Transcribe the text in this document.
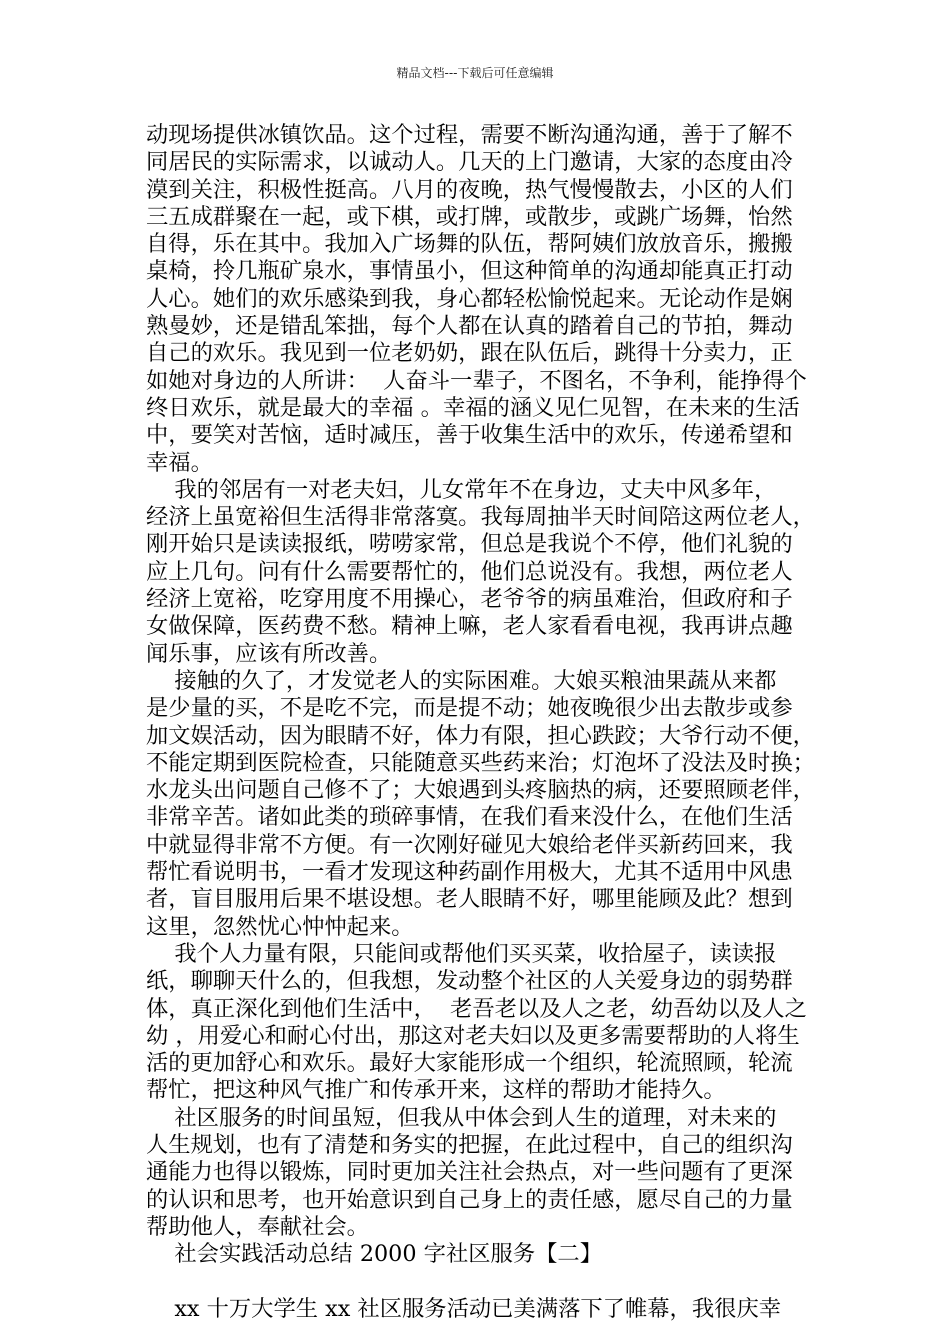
精品文档---下载后可任意编辑
动现场提供冰镇饮品。这个过程，需要不断沟通沟通，善于了解不
同居民的实际需求，以诚动人。几天的上门邀请，大家的态度由冷
漠到关注，积极性挺高。八月的夜晚，热气慢慢散去，小区的人们
三五成群聚在一起，或下棋，或打牌，或散步，或跳广场舞，怡然
自得，乐在其中。我加入广场舞的队伍，帮阿姨们放放音乐，搬搬
桌椅，拎几瓶矿泉水，事情虽小，但这种简单的沟通却能真正打动
人心。她们的欢乐感染到我，身心都轻松愉悦起来。无论动作是娴
熟曼妙，还是错乱笨拙，每个人都在认真的踏着自己的节拍，舞动
自己的欢乐。我见到一位老奶奶，跟在队伍后，跳得十分卖力，正
如她对身边的人所讲：  人奋斗一辈子，不图名，不争利，能挣得个
终日欢乐，就是最大的幸福 。幸福的涵义见仁见智，在未来的生活
中，要笑对苦恼，适时减压，善于收集生活中的欢乐，传递希望和
幸福。
我的邻居有一对老夫妇，儿女常年不在身边，丈夫中风多年，
经济上虽宽裕但生活得非常落寞。我每周抽半天时间陪这两位老人，
刚开始只是读读报纸，唠唠家常，但总是我说个不停，他们礼貌的
应上几句。问有什么需要帮忙的，他们总说没有。我想，两位老人
经济上宽裕，吃穿用度不用操心，老爷爷的病虽难治，但政府和子
女做保障，医药费不愁。精神上嘛，老人家看看电视，我再讲点趣
闻乐事，应该有所改善。
接触的久了，才发觉老人的实际困难。大娘买粮油果蔬从来都
是少量的买，不是吃不完，而是提不动；她夜晚很少出去散步或参
加文娱活动，因为眼睛不好，体力有限，担心跌跤；大爷行动不便，
不能定期到医院检查，只能随意买些药来治；灯泡坏了没法及时换；
水龙头出问题自己修不了；大娘遇到头疼脑热的病，还要照顾老伴，
非常辛苦。诸如此类的琐碎事情，在我们看来没什么，在他们生活
中就显得非常不方便。有一次刚好碰见大娘给老伴买新药回来，我
帮忙看说明书，一看才发现这种药副作用极大，尤其不适用中风患
者，盲目服用后果不堪设想。老人眼睛不好，哪里能顾及此？想到
这里，忽然忧心忡忡起来。
我个人力量有限，只能间或帮他们买买菜，收拾屋子，读读报
纸，聊聊天什么的，但我想，发动整个社区的人关爱身边的弱势群
体，真正深化到他们生活中，  老吾老以及人之老，幼吾幼以及人之
幼 ，用爱心和耐心付出，那这对老夫妇以及更多需要帮助的人将生
活的更加舒心和欢乐。最好大家能形成一个组织，轮流照顾，轮流
帮忙，把这种风气推广和传承开来，这样的帮助才能持久。
社区服务的时间虽短，但我从中体会到人生的道理，对未来的
人生规划，也有了清楚和务实的把握，在此过程中，自己的组织沟
通能力也得以锻炼，同时更加关注社会热点，对一些问题有了更深
的认识和思考，也开始意识到自己身上的责任感，愿尽自己的力量
帮助他人，奉献社会。
社会实践活动总结 2000 字社区服务【二】
xx 十万大学生 xx 社区服务活动已美满落下了帷幕，我很庆幸
